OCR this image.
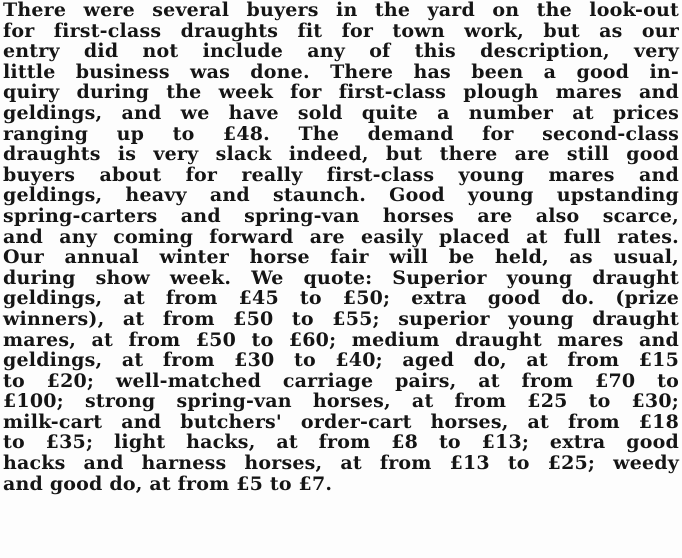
There were several buyers in the yard on the look-out
for first-class draughts fit for town work, but as our
entry did not include any of this description, very
little business was done. There has been a good in-
quiry during the week for first-class plough mares and
geldings, and we have sold quite a number at prices
ranging up to £48. The demand for second-class
draughts is very slack indeed, but there are still good
buyers about for really first-class young mares and
geldings, heavy and staunch. Good young upstanding
spring-carters and spring-van horses are also scarce,
and any coming forward are easily placed at full rates.
Our annual winter horse fair will be held, as usual,
during show week. We quote: Superior young draught
geldings, at from £45 to £50; extra good do. (prize
winners), at from £50 to £55; superior young draught
mares, at from £50 to £60; medium draught mares and
geldings, at from £30 to £40; aged do, at from £15
to £20; well-matched carriage pairs, at from £70 to
£100; strong spring-van horses, at from £25 to £30;
milk-cart and butchers' order-cart horses, at from £18
to £35; light hacks, at from £8 to £13; extra good
hacks and harness horses, at from £13 to £25; weedy
and good do, at from £5 to £7.
